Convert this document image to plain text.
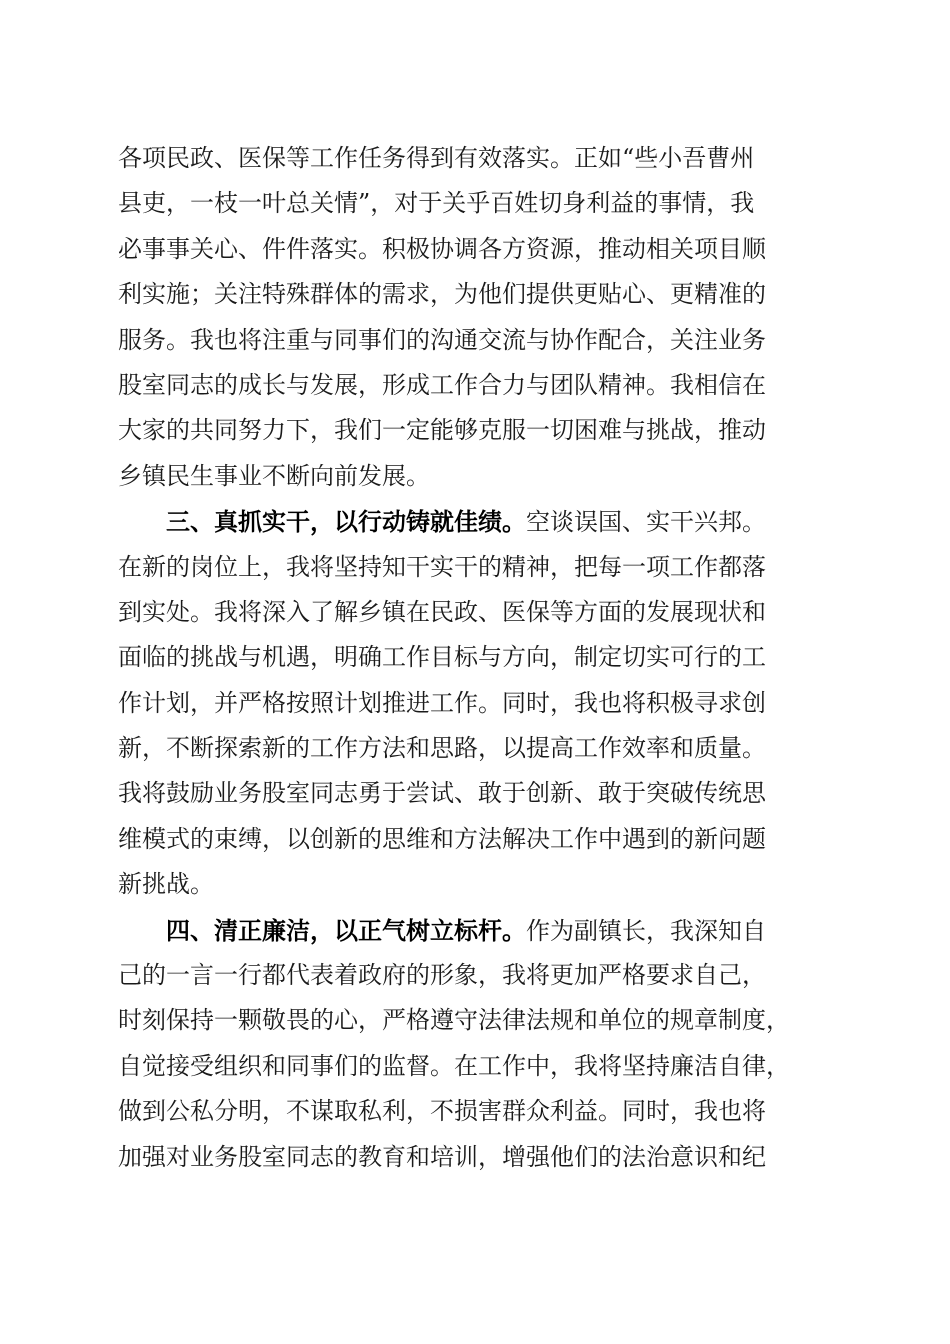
各项民政、医保等工作任务得到有效落实。正如“些小吾曹州
县吏，一枝一叶总关情”，对于关乎百姓切身利益的事情，我
必事事关心、件件落实。积极协调各方资源，推动相关项目顺
利实施；关注特殊群体的需求，为他们提供更贴心、更精准的
服务。我也将注重与同事们的沟通交流与协作配合，关注业务
股室同志的成长与发展，形成工作合力与团队精神。我相信在
大家的共同努力下，我们一定能够克服一切困难与挑战，推动
乡镇民生事业不断向前发展。
三、真抓实干，以行动铸就佳绩。空谈误国、实干兴邦。
在新的岗位上，我将坚持知干实干的精神，把每一项工作都落
到实处。我将深入了解乡镇在民政、医保等方面的发展现状和
面临的挑战与机遇，明确工作目标与方向，制定切实可行的工
作计划，并严格按照计划推进工作。同时，我也将积极寻求创
新，不断探索新的工作方法和思路，以提高工作效率和质量。
我将鼓励业务股室同志勇于尝试、敢于创新、敢于突破传统思
维模式的束缚，以创新的思维和方法解决工作中遇到的新问题
新挑战。
四、清正廉洁，以正气树立标杆。作为副镇长，我深知自
己的一言一行都代表着政府的形象，我将更加严格要求自己，
时刻保持一颗敬畏的心，严格遵守法律法规和单位的规章制度，
自觉接受组织和同事们的监督。在工作中，我将坚持廉洁自律，
做到公私分明，不谋取私利，不损害群众利益。同时，我也将
加强对业务股室同志的教育和培训，增强他们的法治意识和纪
